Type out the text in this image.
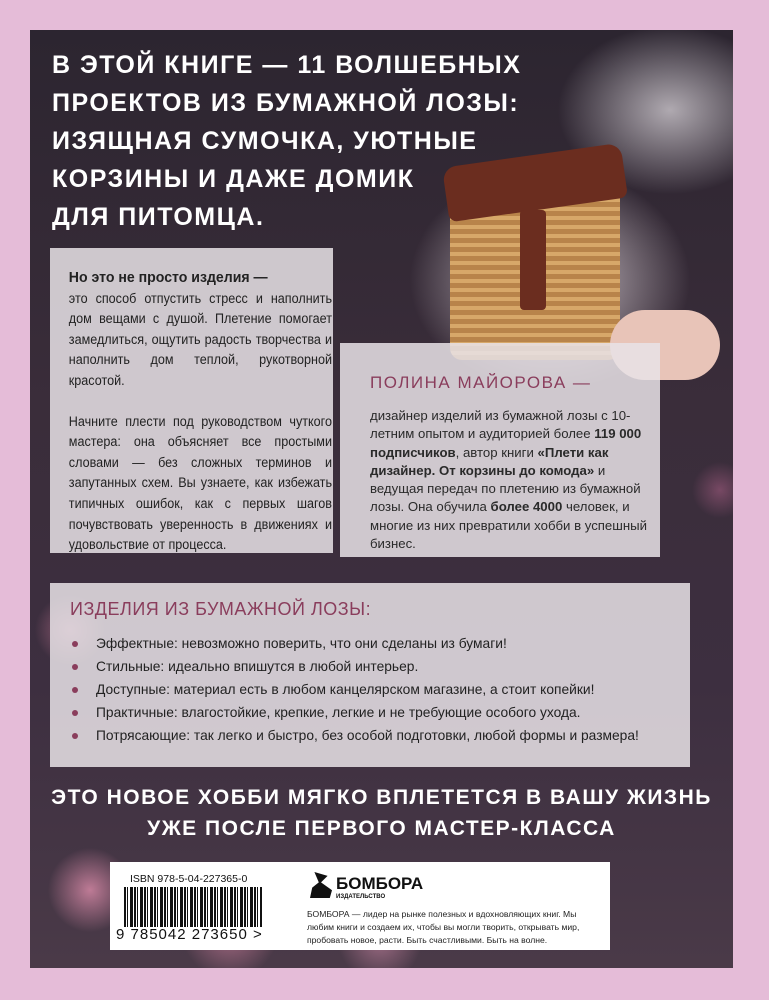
В ЭТОЙ КНИГЕ — 11 ВОЛШЕБНЫХ
ПРОЕКТОВ ИЗ БУМАЖНОЙ ЛОЗЫ:
ИЗЯЩНАЯ СУМОЧКА, УЮТНЫЕ
КОРЗИНЫ И ДАЖЕ ДОМИК
ДЛЯ ПИТОМЦА.
Но это не просто изделия —
это способ отпустить стресс и наполнить дом вещами с душой. Плетение помогает замедлиться, ощутить радость творчества и наполнить дом теплой, рукотворной красотой.
Начните плести под руководством чуткого мастера: она объясняет все простыми словами — без сложных терминов и запутанных схем. Вы узнаете, как избежать типичных ошибок, как с первых шагов почувствовать уверенность в движениях и удовольствие от процесса.
ПОЛИНА МАЙОРОВА —
дизайнер изделий из бумажной лозы с 10-летним опытом и аудиторией более 119 000 подписчиков, автор книги «Плети как дизайнер. От корзины до комода» и ведущая передач по плетению из бумажной лозы. Она обучила более 4000 человек, и многие из них превратили хобби в успешный бизнес.
ИЗДЕЛИЯ ИЗ БУМАЖНОЙ ЛОЗЫ:
Эффектные: невозможно поверить, что они сделаны из бумаги!
Стильные: идеально впишутся в любой интерьер.
Доступные: материал есть в любом канцелярском магазине, а стоит копейки!
Практичные: влагостойкие, крепкие, легкие и не требующие особого ухода.
Потрясающие: так легко и быстро, без особой подготовки, любой формы и размера!
ЭТО НОВОЕ ХОББИ МЯГКО ВПЛЕТЕТСЯ В ВАШУ ЖИЗНЬ
УЖЕ ПОСЛЕ ПЕРВОГО МАСТЕР-КЛАССА
ISBN 978-5-04-227365-0
9 785042 273650 >
БОМБОРА
ИЗДАТЕЛЬСТВО
БОМБОРА — лидер на рынке полезных и вдохновляющих книг. Мы любим книги и создаем их, чтобы вы могли творить, открывать мир, пробовать новое, расти. Быть счастливыми. Быть на волне.
